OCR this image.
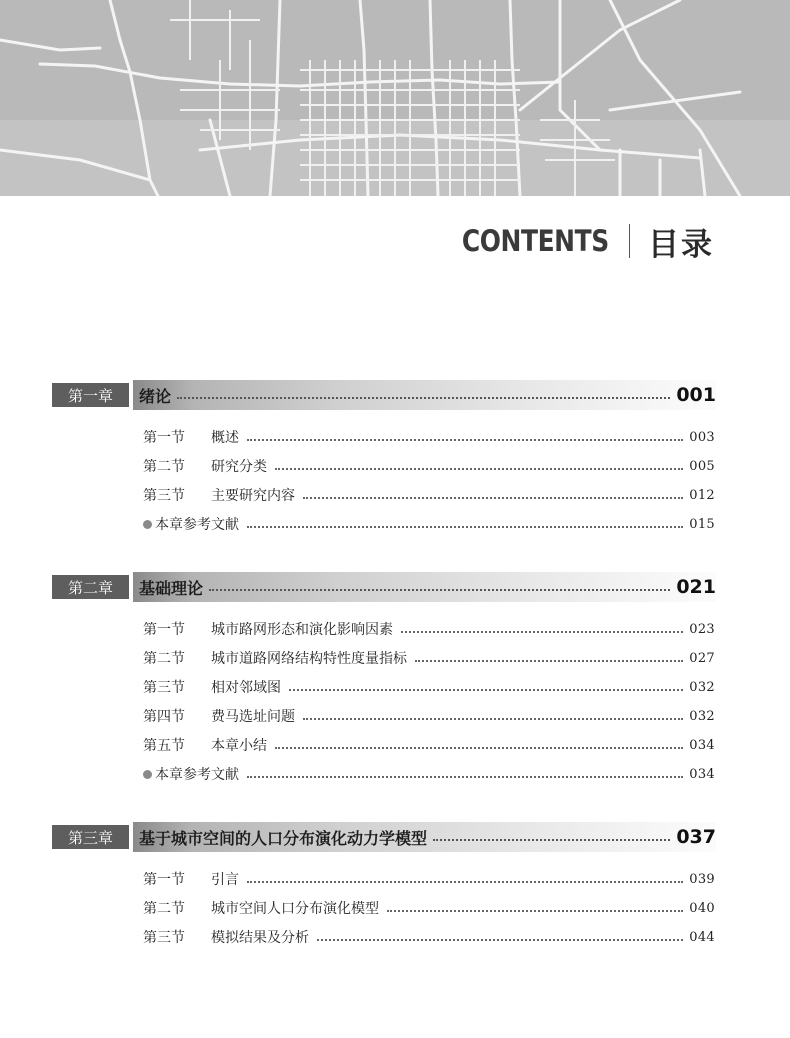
CONTENTS 目录
第一章	绪论	001
第一节	概述	003
第二节	研究分类	005
第三节	主要研究内容	012
本章参考文献	015
第二章	基础理论	021
第一节	城市路网形态和演化影响因素	023
第二节	城市道路网络结构特性度量指标	027
第三节	相对邻域图	032
第四节	费马选址问题	032
第五节	本章小结	034
本章参考文献	034
第三章	基于城市空间的人口分布演化动力学模型	037
第一节	引言	039
第二节	城市空间人口分布演化模型	040
第三节	模拟结果及分析	044
